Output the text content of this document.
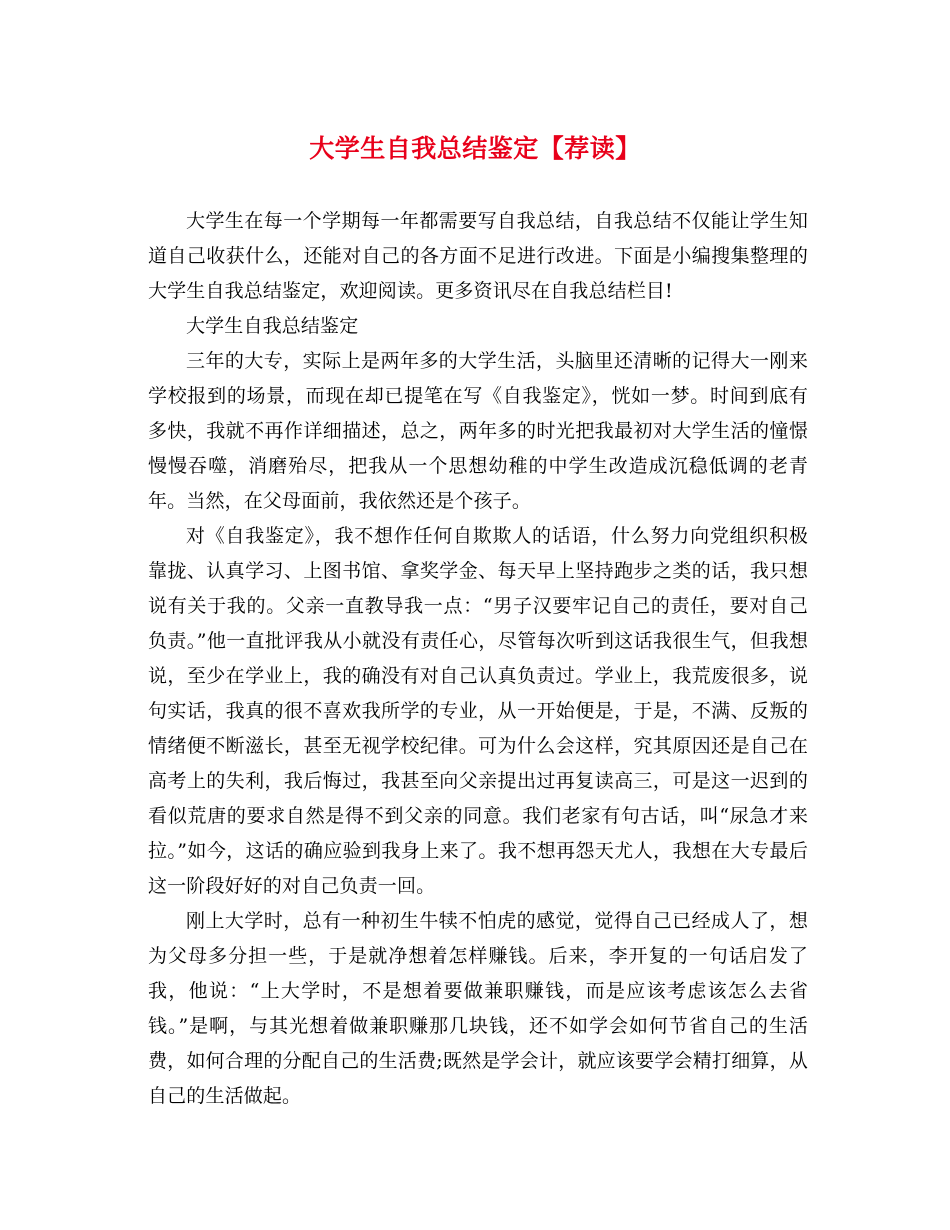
大学生自我总结鉴定【荐读】

大学生在每一个学期每一年都需要写自我总结，自我总结不仅能让学生知道自己收获什么，还能对自己的各方面不足进行改进。下面是小编搜集整理的大学生自我总结鉴定，欢迎阅读。更多资讯尽在自我总结栏目!

大学生自我总结鉴定

三年的大专，实际上是两年多的大学生活，头脑里还清晰的记得大一刚来学校报到的场景，而现在却已提笔在写《自我鉴定》，恍如一梦。时间到底有多快，我就不再作详细描述，总之，两年多的时光把我最初对大学生活的憧憬慢慢吞噬，消磨殆尽，把我从一个思想幼稚的中学生改造成沉稳低调的老青年。当然，在父母面前，我依然还是个孩子。

对《自我鉴定》，我不想作任何自欺欺人的话语，什么努力向党组织积极靠拢、认真学习、上图书馆、拿奖学金、每天早上坚持跑步之类的话，我只想说有关于我的。父亲一直教导我一点：“男子汉要牢记自己的责任，要对自己负责。”他一直批评我从小就没有责任心，尽管每次听到这话我很生气，但我想说，至少在学业上，我的确没有对自己认真负责过。学业上，我荒废很多，说句实话，我真的很不喜欢我所学的专业，从一开始便是，于是，不满、反叛的情绪便不断滋长，甚至无视学校纪律。可为什么会这样，究其原因还是自己在高考上的失利，我后悔过，我甚至向父亲提出过再复读高三，可是这一迟到的看似荒唐的要求自然是得不到父亲的同意。我们老家有句古话，叫“尿急才来拉。”如今，这话的确应验到我身上来了。我不想再怨天尤人，我想在大专最后这一阶段好好的对自己负责一回。

刚上大学时，总有一种初生牛犊不怕虎的感觉，觉得自己已经成人了，想为父母多分担一些，于是就净想着怎样赚钱。后来，李开复的一句话启发了我，他说：“上大学时，不是想着要做兼职赚钱，而是应该考虑该怎么去省钱。”是啊，与其光想着做兼职赚那几块钱，还不如学会如何节省自己的生活费，如何合理的分配自己的生活费;既然是学会计，就应该要学会精打细算，从自己的生活做起。
